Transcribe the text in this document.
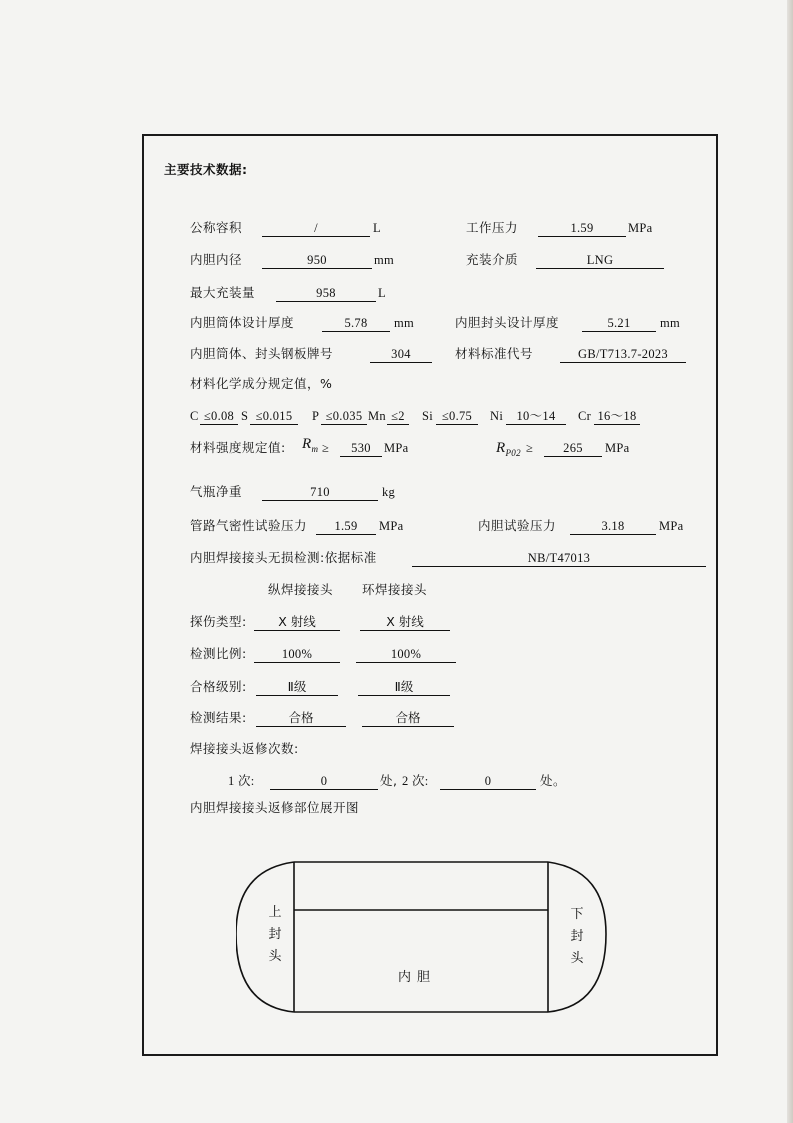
主要技术数据:
公称容积	/	L	工作压力	1.59	MPa
内胆内径	950	mm	充装介质	LNG
最大充装量	958	L
内胆筒体设计厚度	5.78	mm	内胆封头设计厚度	5.21	mm
内胆筒体、封头钢板牌号	304	材料标准代号	GB/T713.7-2023
材料化学成分规定值，%
C ≤0.08 S ≤0.015	P ≤0.035 Mn ≤2	Si ≤0.75	Ni	10～14	Cr 16～18
材料强度规定值: $R_m$ ≥	530	MPa	$R_{P02}$ ≥	265	MPa
气瓶净重	710	kg
管路气密性试验压力	1.59	MPa	内胆试验压力	3.18	MPa
内胆焊接接头无损检测:依据标准	NB/T47013
纵焊接接头 环焊接接头
探伤类型:	X 射线	X 射线
检测比例:	100%	100%
合格级别:	Ⅱ级	Ⅱ级
检测结果:	合格	合格
焊接接头返修次数:
1 次:	0	处, 2 次:	0	处。
内胆焊接接头返修部位展开图
上
封
头
下
封
头
内胆
